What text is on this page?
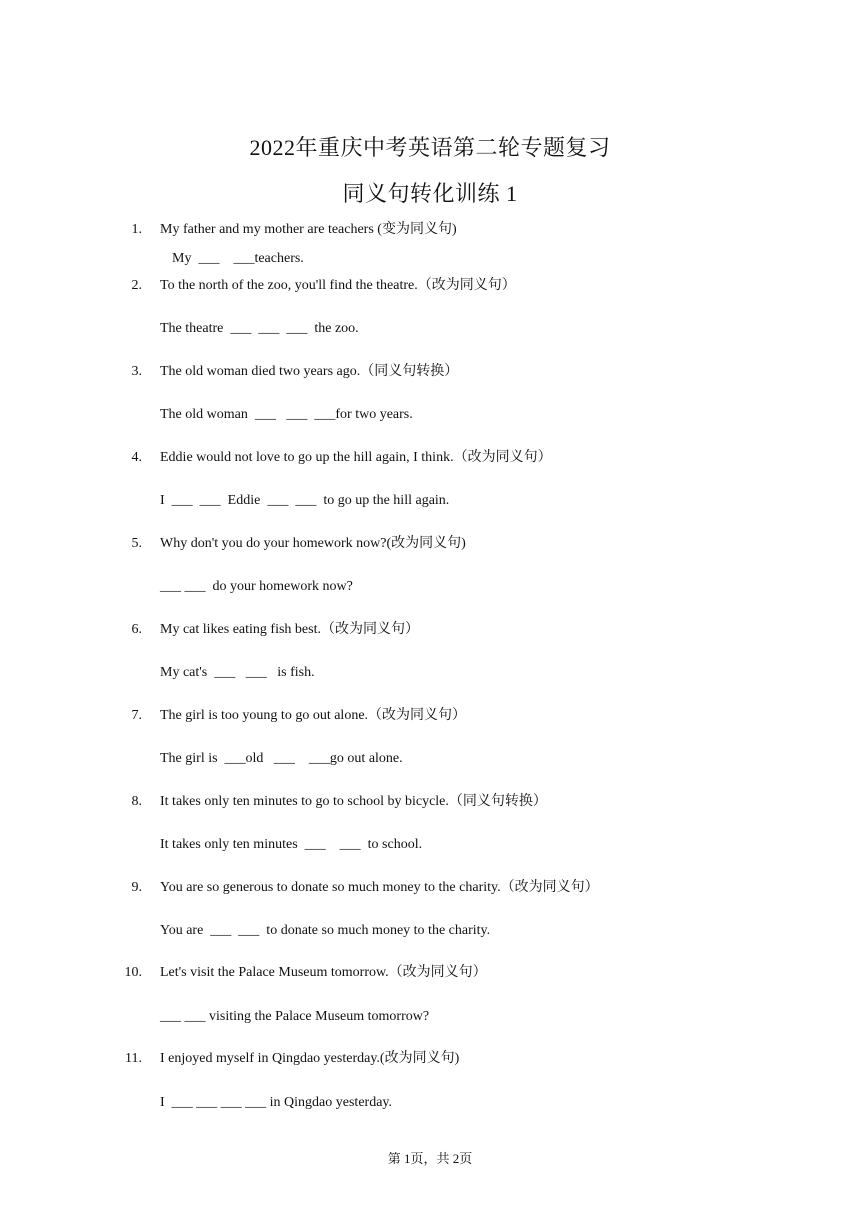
2022年重庆中考英语第二轮专题复习
同义句转化训练 1
1. My father and my mother are teachers (变为同义句)
My  ___    ___teachers.
2. To the north of the zoo, you'll find the theatre.（改为同义句）
The theatre  ___  ___  ___  the zoo.
3. The old woman died two years ago.（同义句转换）
The old woman  ___   ___  ___for two years.
4. Eddie would not love to go up the hill again, I think.（改为同义句）
I  ___  ___  Eddie  ___  ___  to go up the hill again.
5. Why don't you do your homework now?(改为同义句)
___ ___  do your homework now?
6. My cat likes eating fish best.（改为同义句）
My cat's  ___   ___   is fish.
7. The girl is too young to go out alone.（改为同义句）
The girl is  ___old   ___    ___go out alone.
8. It takes only ten minutes to go to school by bicycle.（同义句转换）
It takes only ten minutes  ___    ___  to school.
9. You are so generous to donate so much money to the charity.（改为同义句）
You are  ___  ___  to donate so much money to the charity.
10. Let's visit the Palace Museum tomorrow.（改为同义句）
___ ___ visiting the Palace Museum tomorrow?
11. I enjoyed myself in Qingdao yesterday.(改为同义句)
I  ___ ___ ___ ___ in Qingdao yesterday.
第 1页，共 2页
